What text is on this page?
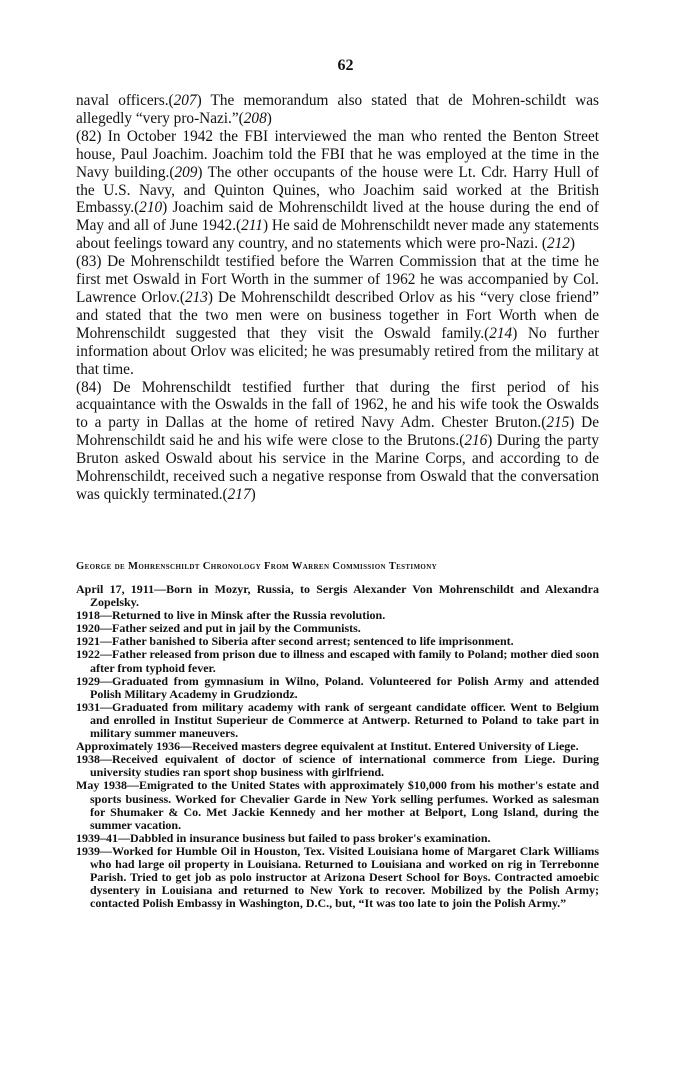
62

naval officers.(207) The memorandum also stated that de Mohren-schildt was allegedly “very pro-Nazi.”(208)

(82) In October 1942 the FBI interviewed the man who rented the Benton Street house, Paul Joachim. Joachim told the FBI that he was employed at the time in the Navy building.(209) The other occupants of the house were Lt. Cdr. Harry Hull of the U.S. Navy, and Quinton Quines, who Joachim said worked at the British Embassy.(210) Joachim said de Mohrenschildt lived at the house during the end of May and all of June 1942.(211) He said de Mohrenschildt never made any statements about feelings toward any country, and no statements which were pro-Nazi. (212)

(83) De Mohrenschildt testified before the Warren Commission that at the time he first met Oswald in Fort Worth in the summer of 1962 he was accompanied by Col. Lawrence Orlov.(213) De Mohrenschildt described Orlov as his “very close friend” and stated that the two men were on business together in Fort Worth when de Mohrenschildt suggested that they visit the Oswald family.(214) No further information about Orlov was elicited; he was presumably retired from the military at that time.

(84) De Mohrenschildt testified further that during the first period of his acquaintance with the Oswalds in the fall of 1962, he and his wife took the Oswalds to a party in Dallas at the home of retired Navy Adm. Chester Bruton.(215) De Mohrenschildt said he and his wife were close to the Brutons.(216) During the party Bruton asked Oswald about his service in the Marine Corps, and according to de Mohrenschildt, received such a negative response from Oswald that the conversation was quickly terminated.(217)

George de Mohrenschildt Chronology From Warren Commission Testimony

April 17, 1911—Born in Mozyr, Russia, to Sergis Alexander Von Mohrenschildt and Alexandra Zopelsky.

1918—Returned to live in Minsk after the Russia revolution.

1920—Father seized and put in jail by the Communists.

1921—Father banished to Siberia after second arrest; sentenced to life imprisonment.

1922—Father released from prison due to illness and escaped with family to Poland; mother died soon after from typhoid fever.

1929—Graduated from gymnasium in Wilno, Poland. Volunteered for Polish Army and attended Polish Military Academy in Grudziondz.

1931—Graduated from military academy with rank of sergeant candidate officer. Went to Belgium and enrolled in Institut Superieur de Commerce at Antwerp. Returned to Poland to take part in military summer maneuvers.

Approximately 1936—Received masters degree equivalent at Institut. Entered University of Liege.

1938—Received equivalent of doctor of science of international commerce from Liege. During university studies ran sport shop business with girlfriend.

May 1938—Emigrated to the United States with approximately $10,000 from his mother's estate and sports business. Worked for Chevalier Garde in New York selling perfumes. Worked as salesman for Shumaker & Co. Met Jackie Kennedy and her mother at Belport, Long Island, during the summer vacation.

1939–41—Dabbled in insurance business but failed to pass broker's examination.

1939—Worked for Humble Oil in Houston, Tex. Visited Louisiana home of Margaret Clark Williams who had large oil property in Louisiana. Returned to Louisiana and worked on rig in Terrebonne Parish. Tried to get job as polo instructor at Arizona Desert School for Boys. Contracted amoebic dysentery in Louisiana and returned to New York to recover. Mobilized by the Polish Army; contacted Polish Embassy in Washington, D.C., but, “It was too late to join the Polish Army.”
